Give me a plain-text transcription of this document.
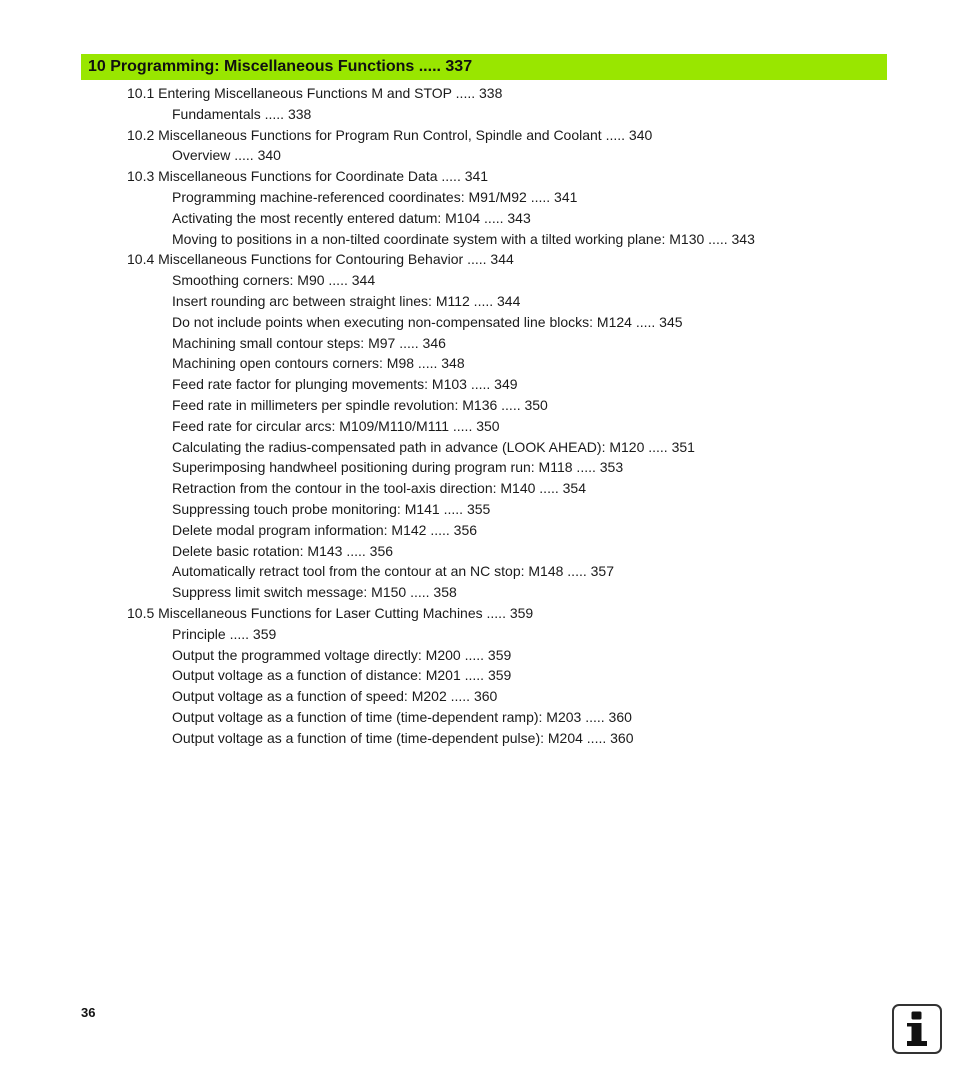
10 Programming: Miscellaneous Functions ..... 337
10.1 Entering Miscellaneous Functions M and STOP ..... 338
Fundamentals ..... 338
10.2 Miscellaneous Functions for Program Run Control, Spindle and Coolant ..... 340
Overview ..... 340
10.3 Miscellaneous Functions for Coordinate Data ..... 341
Programming machine-referenced coordinates: M91/M92 ..... 341
Activating the most recently entered datum: M104 ..... 343
Moving to positions in a non-tilted coordinate system with a tilted working plane: M130 ..... 343
10.4 Miscellaneous Functions for Contouring Behavior ..... 344
Smoothing corners: M90 ..... 344
Insert rounding arc between straight lines: M112 ..... 344
Do not include points when executing non-compensated line blocks: M124 ..... 345
Machining small contour steps: M97 ..... 346
Machining open contours corners: M98 ..... 348
Feed rate factor for plunging movements: M103 ..... 349
Feed rate in millimeters per spindle revolution: M136 ..... 350
Feed rate for circular arcs: M109/M110/M111 ..... 350
Calculating the radius-compensated path in advance (LOOK AHEAD): M120 ..... 351
Superimposing handwheel positioning during program run: M118 ..... 353
Retraction from the contour in the tool-axis direction: M140 ..... 354
Suppressing touch probe monitoring: M141 ..... 355
Delete modal program information: M142 ..... 356
Delete basic rotation: M143 ..... 356
Automatically retract tool from the contour at an NC stop: M148 ..... 357
Suppress limit switch message: M150 ..... 358
10.5 Miscellaneous Functions for Laser Cutting Machines ..... 359
Principle ..... 359
Output the programmed voltage directly: M200 ..... 359
Output voltage as a function of distance: M201 ..... 359
Output voltage as a function of speed: M202 ..... 360
Output voltage as a function of time (time-dependent ramp): M203 ..... 360
Output voltage as a function of time (time-dependent pulse): M204 ..... 360
36
